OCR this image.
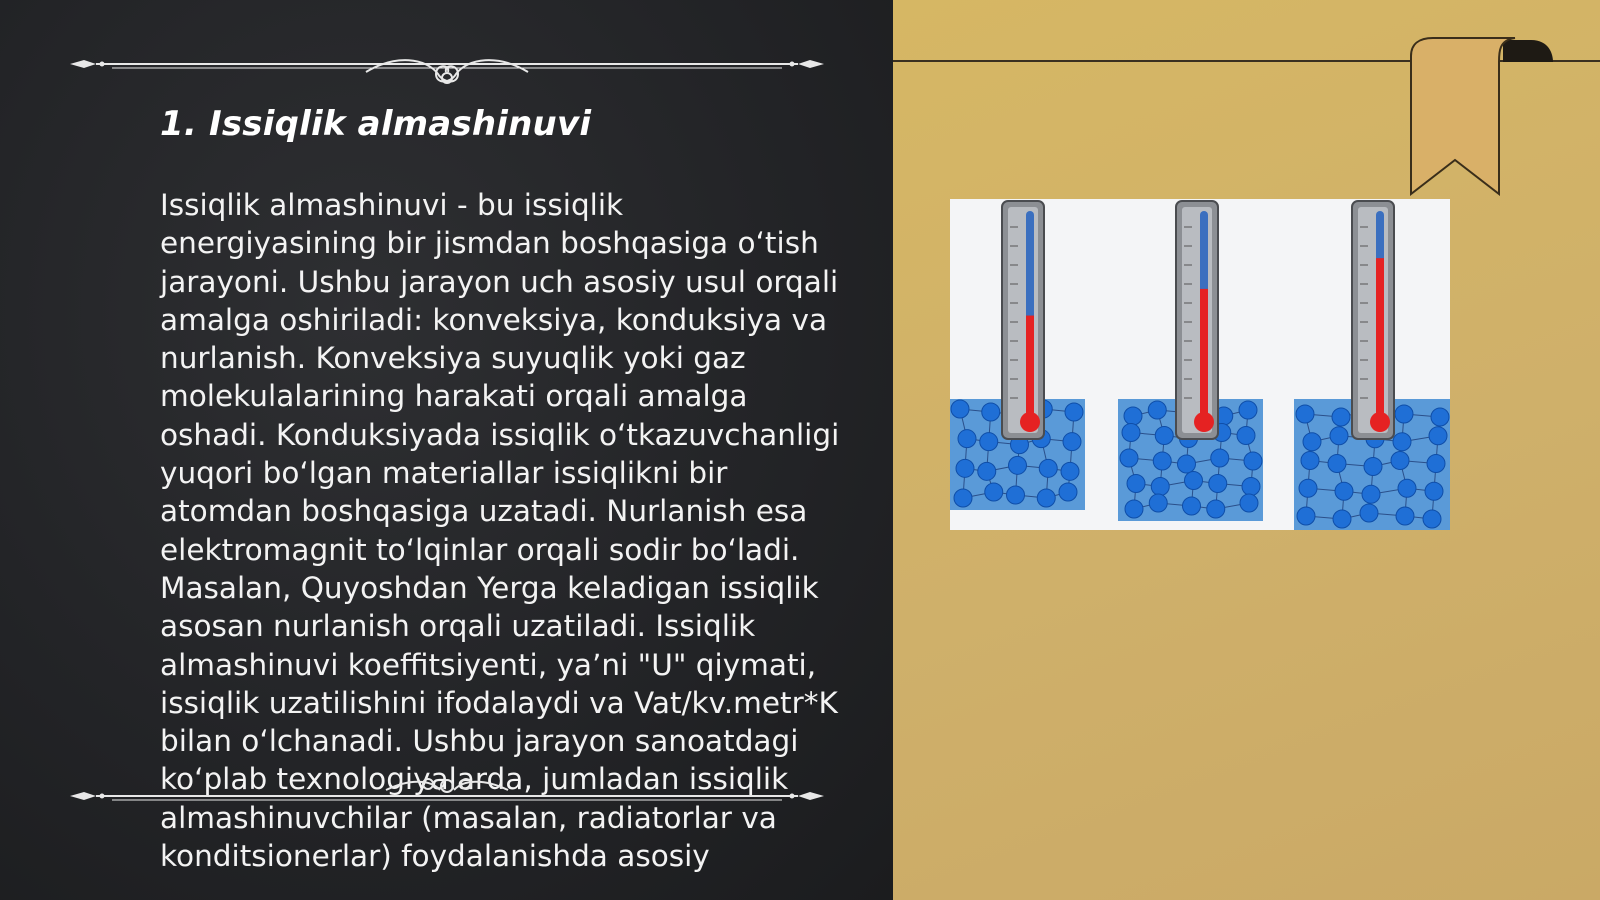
1. Issiqlik almashinuvi

Issiqlik almashinuvi - bu issiqlik energiyasining bir jismdan boshqasiga o‘tish jarayoni. Ushbu jarayon uch asosiy usul orqali amalga oshiriladi: konveksiya, konduksiya va nurlanish. Konveksiya suyuqlik yoki gaz molekulalarining harakati orqali amalga oshadi. Konduksiyada issiqlik o‘tkazuvchanligi yuqori bo‘lgan materiallar issiqlikni bir atomdan boshqasiga uzatadi. Nurlanish esa elektromagnit to‘lqinlar orqali sodir bo‘ladi. Masalan, Quyoshdan Yerga keladigan issiqlik asosan nurlanish orqali uzatiladi. Issiqlik almashinuvi koeffitsiyenti, ya’ni "U" qiymati, issiqlik uzatilishini ifodalaydi va Vat/kv.metr*K bilan o‘lchanadi. Ushbu jarayon sanoatdagi ko‘plab texnologiyalarda, jumladan issiqlik almashinuvchilar (masalan, radiatorlar va konditsionerlar) foydalanishda asosiy
